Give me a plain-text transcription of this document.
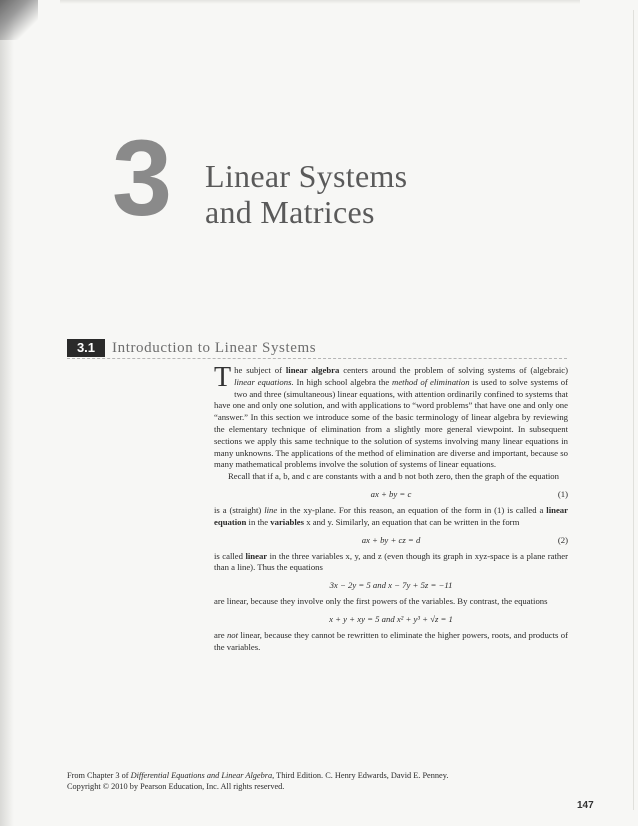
3 Linear Systems
and Matrices
3.1	Introduction to Linear Systems

The subject of linear algebra centers around the problem of solving systems of (algebraic) linear equations. In high school algebra the method of elimination is used to solve systems of two and three (simultaneous) linear equations, with attention ordinarily confined to systems that have one and only one solution, and with applications to “word problems” that have one and only one “answer.” In this section we introduce some of the basic terminology of linear algebra by reviewing the elementary technique of elimination from a slightly more general viewpoint. In subsequent sections we apply this same technique to the solution of systems involving many linear equations in many unknowns. The applications of the method of elimination are diverse and important, because so many mathematical problems involve the solution of systems of linear equations.

Recall that if a, b, and c are constants with a and b not both zero, then the graph of the equation

ax + by = c	(1)

is a (straight) line in the xy-plane. For this reason, an equation of the form in (1) is called a linear equation in the variables x and y. Similarly, an equation that can be written in the form

ax + by + cz = d	(2)

is called linear in the three variables x, y, and z (even though its graph in xyz-space is a plane rather than a line). Thus the equations

3x − 2y = 5 and x − 7y + 5z = −11

are linear, because they involve only the first powers of the variables. By contrast, the equations

x + y + xy = 5 and x² + y³ + √z = 1

are not linear, because they cannot be rewritten to eliminate the higher powers, roots, and products of the variables.

From Chapter 3 of Differential Equations and Linear Algebra, Third Edition. C. Henry Edwards, David E. Penney.

Copyright © 2010 by Pearson Education, Inc. All rights reserved.

147
